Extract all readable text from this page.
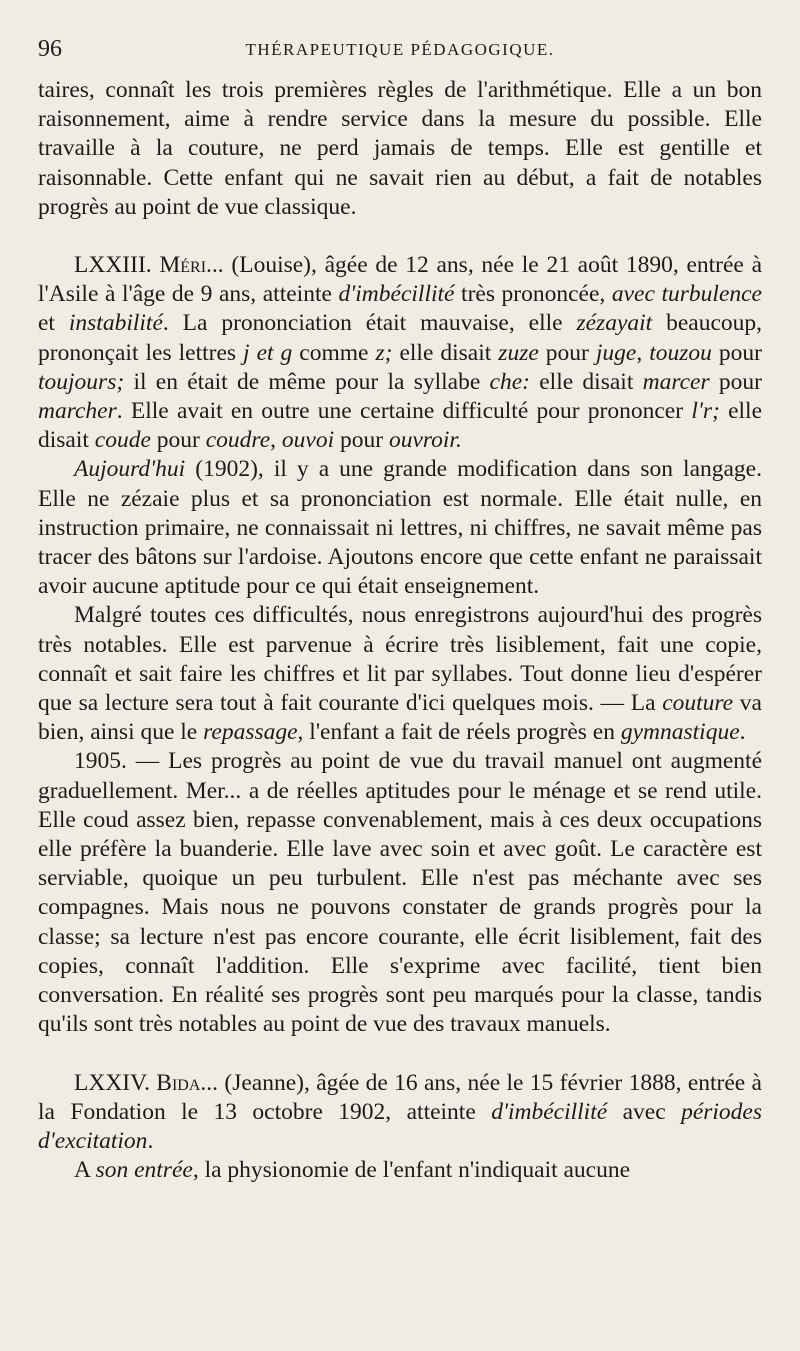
96	THÉRAPEUTIQUE PÉDAGOGIQUE.

taires, connaît les trois premières règles de l'arithmétique. Elle a un bon raisonnement, aime à rendre service dans la mesure du possible. Elle travaille à la couture, ne perd jamais de temps. Elle est gentille et raisonnable. Cette enfant qui ne savait rien au début, a fait de notables progrès au point de vue classique.

LXXIII. Méri... (Louise), âgée de 12 ans, née le 21 août 1890, entrée à l'Asile à l'âge de 9 ans, atteinte d'imbécillité très prononcée, avec turbulence et instabilité. La prononciation était mauvaise, elle zézayait beaucoup, prononçait les lettres j et g comme z; elle disait zuze pour juge, touzou pour toujours; il en était de même pour la syllabe che: elle disait marcer pour marcher. Elle avait en outre une certaine difficulté pour prononcer l'r; elle disait coude pour coudre, ouvoi pour ouvroir.

Aujourd'hui (1902), il y a une grande modification dans son langage. Elle ne zézaie plus et sa prononciation est normale. Elle était nulle, en instruction primaire, ne connaissait ni lettres, ni chiffres, ne savait même pas tracer des bâtons sur l'ardoise. Ajoutons encore que cette enfant ne paraissait avoir aucune aptitude pour ce qui était enseignement.

Malgré toutes ces difficultés, nous enregistrons aujourd'hui des progrès très notables. Elle est parvenue à écrire très lisiblement, fait une copie, connaît et sait faire les chiffres et lit par syllabes. Tout donne lieu d'espérer que sa lecture sera tout à fait courante d'ici quelques mois. — La couture va bien, ainsi que le repassage, l'enfant a fait de réels progrès en gymnastique.

1905. — Les progrès au point de vue du travail manuel ont augmenté graduellement. Mer... a de réelles aptitudes pour le ménage et se rend utile. Elle coud assez bien, repasse convenablement, mais à ces deux occupations elle préfère la buanderie. Elle lave avec soin et avec goût. Le caractère est serviable, quoique un peu turbulent. Elle n'est pas méchante avec ses compagnes. Mais nous ne pouvons constater de grands progrès pour la classe; sa lecture n'est pas encore courante, elle écrit lisiblement, fait des copies, connaît l'addition. Elle s'exprime avec facilité, tient bien conversation. En réalité ses progrès sont peu marqués pour la classe, tandis qu'ils sont très notables au point de vue des travaux manuels.

LXXIV. Bida... (Jeanne), âgée de 16 ans, née le 15 février 1888, entrée à la Fondation le 13 octobre 1902, atteinte d'imbécillité avec périodes d'excitation.

A son entrée, la physionomie de l'enfant n'indiquait aucune
